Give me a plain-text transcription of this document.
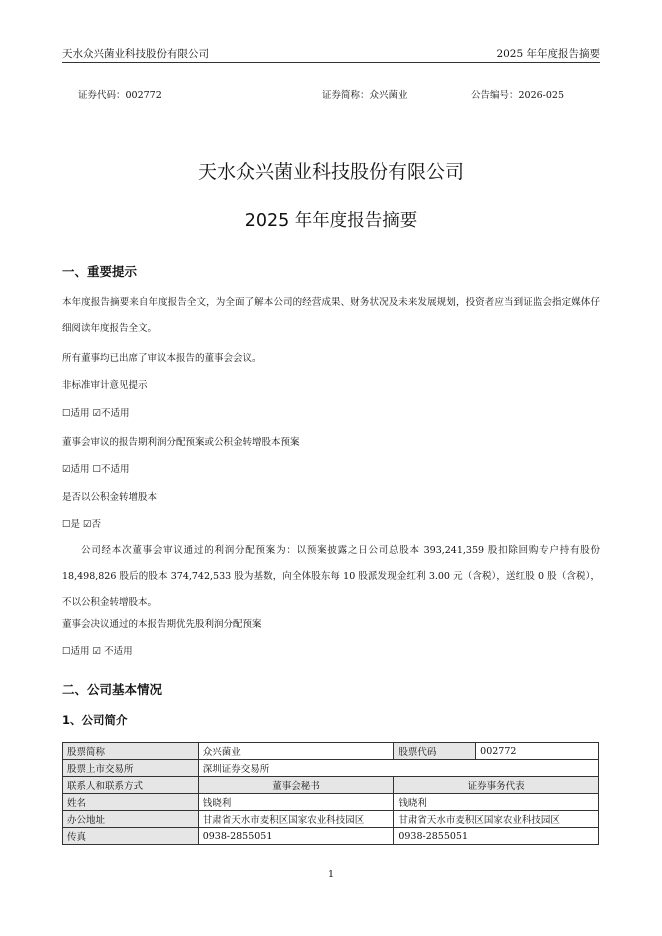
天水众兴菌业科技股份有限公司	2025 年年度报告摘要
证券代码：002772	证券简称：众兴菌业	公告编号：2026-025
天水众兴菌业科技股份有限公司
2025 年年度报告摘要
一、重要提示
本年度报告摘要来自年度报告全文，为全面了解本公司的经营成果、财务状况及未来发展规划，投资者应当到证监会指定媒体仔细阅读年度报告全文。
所有董事均已出席了审议本报告的董事会会议。
非标准审计意见提示
☐适用 ☑不适用
董事会审议的报告期利润分配预案或公积金转增股本预案
☑适用 ☐不适用
是否以公积金转增股本
☐是 ☑否
公司经本次董事会审议通过的利润分配预案为：以预案披露之日公司总股本 393,241,359 股扣除回购专户持有股份 18,498,826 股后的股本 374,742,533 股为基数，向全体股东每 10 股派发现金红利 3.00 元（含税），送红股 0 股（含税），不以公积金转增股本。
董事会决议通过的本报告期优先股利润分配预案
☐适用 ☑ 不适用
二、公司基本情况
1、公司简介
股票简称	众兴菌业	股票代码	002772
股票上市交易所	深圳证券交易所		
联系人和联系方式	董事会秘书	证券事务代表	
姓名	钱晓利	钱晓利	
办公地址	甘肃省天水市麦积区国家农业科技园区	甘肃省天水市麦积区国家农业科技园区	
传真	0938-2855051	0938-2855051	
1
